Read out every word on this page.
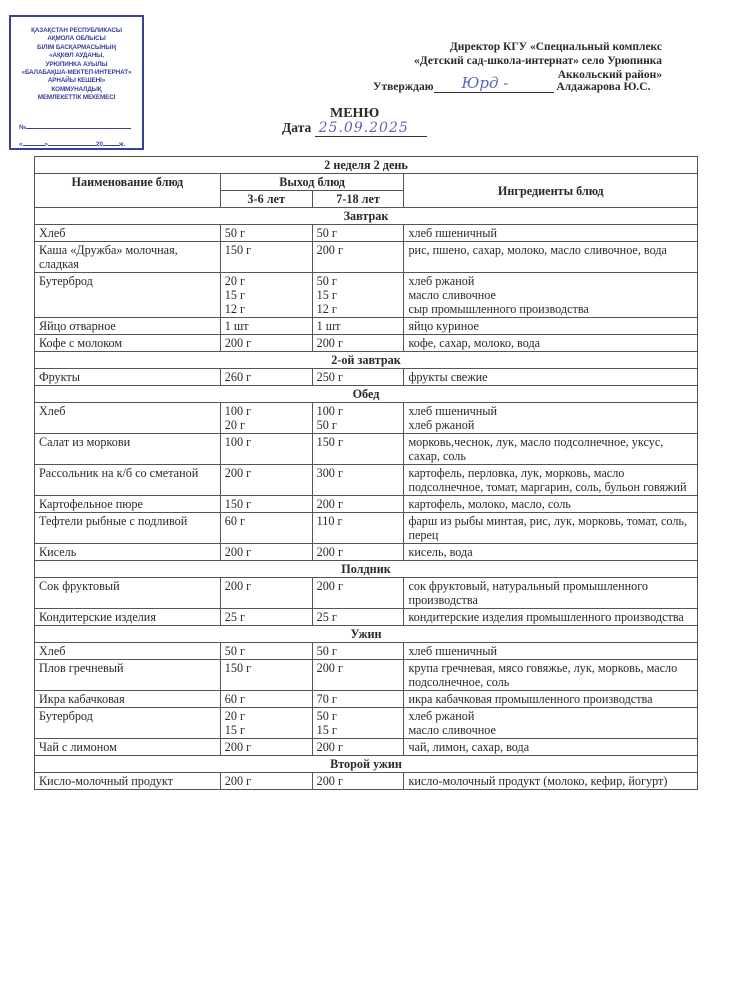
ҚАЗАҚСТАН РЕСПУБЛИКАСЫ
АҚМОЛА ОБЛЫСЫ
БІЛІМ БАСҚАРМАСЫНЫҢ
«АҚКӨЛ АУДАНЫ,
УРЮПИНКА АУЫЛЫ
«БАЛАБАҚША-МЕКТЕП-ИНТЕРНАТ»
АРНАЙЫ КЕШЕНІ»
КОММУНАЛДЫҚ
МЕМЛЕКЕТТІК МЕКЕМЕСІ
№
«	»	20	ж.
Директор КГУ «Специальный комплекс
«Детский сад-школа-интернат» село Урюпинка
Аккольский район»
Утверждаю Юрд -	Алдажарова Ю.С.
МЕНЮ
Дата 25.09.2025
2 неделя 2 день			
Наименование блюд	Выход блюд		Ингредиенты блюд
	3-6 лет	7-18 лет	
Завтрак			
Хлеб	50 г	50 г	хлеб пшеничный

Каша «Дружба» молочная, сладкая	150 г	200 г	рис, пшено, сахар, молоко, масло сливочное, вода

Бутерброд	20 г
15 г
12 г	50 г
15 г
12 г	хлеб ржаной
масло сливочное
сыр промышленного производства

Яйцо отварное	1 шт	1 шт	яйцо куриное

Кофе с молоком	200 г	200 г	кофе, сахар, молоко, вода

2-ой завтрак			
Фрукты	260 г	250 г	фрукты свежие

Обед			
Хлеб	100 г
20 г	100 г
50 г	хлеб пшеничный
хлеб ржаной

Салат из моркови	100 г	150 г	морковь,чеснок, лук, масло подсолнечное, уксус, сахар, соль

Рассольник на к/б со сметаной	200 г	300 г	картофель, перловка, лук, морковь, масло подсолнечное, томат, маргарин, соль, бульон говяжий

Картофельное пюре	150 г	200 г	картофель, молоко, масло, соль

Тефтели рыбные с подливой	60 г	110 г	фарш из рыбы минтая, рис, лук, морковь, томат, соль, перец

Кисель	200 г	200 г	кисель, вода

Полдник			
Сок фруктовый	200 г	200 г	сок фруктовый, натуральный промышленного производства

Кондитерские изделия	25 г	25 г	кондитерские изделия промышленного производства

Ужин			
Хлеб	50 г	50 г	хлеб пшеничный

Плов гречневый	150 г	200 г	крупа гречневая, мясо говяжье, лук, морковь, масло подсолнечное, соль

Икра кабачковая	60 г	70 г	икра кабачковая промышленного производства

Бутерброд	20 г
15 г	50 г
15 г	хлеб ржаной
масло сливочное

Чай с лимоном	200 г	200 г	чай, лимон, сахар, вода

Второй ужин			
Кисло-молочный продукт	200 г	200 г	кисло-молочный продукт (молоко, кефир, йогурт)
